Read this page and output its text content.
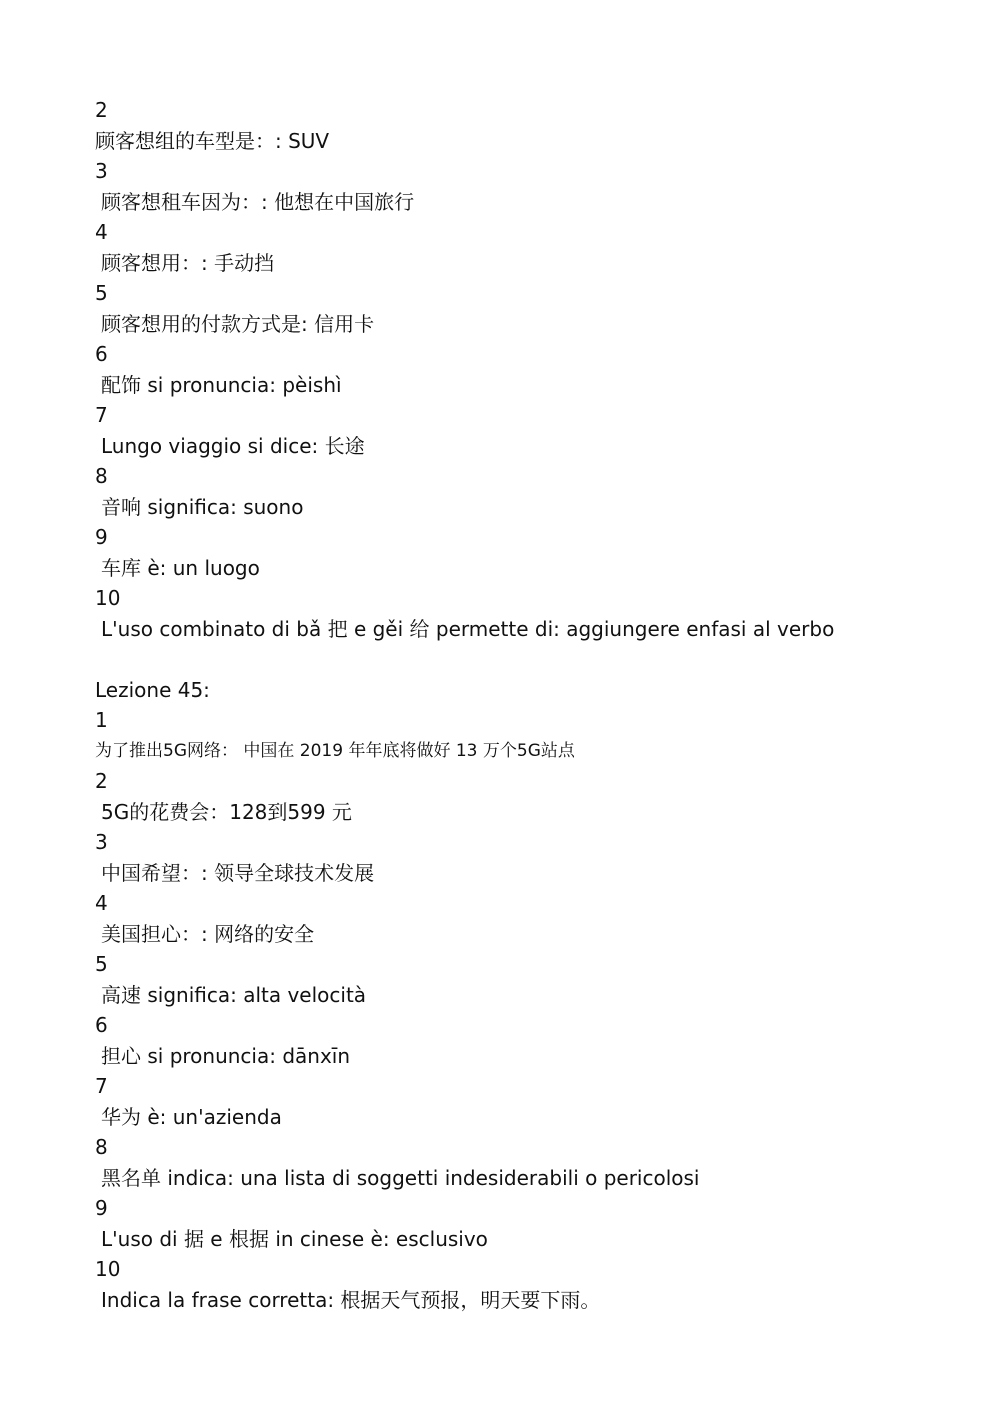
2
顾客想组的车型是：: SUV
3
顾客想租车因为：: 他想在中国旅行
4
顾客想用：: 手动挡
5
顾客想用的付款方式是: 信用卡
6
配饰 si pronuncia: pèishì
7
Lungo viaggio si dice: 长途
8
音响 significa: suono
9
车库 è: un luogo
10
L'uso combinato di bǎ 把 e gěi 给 permette di: aggiungere enfasi al verbo
Lezione 45:
1
为了推出5G网络： 中国在 2019 年年底将做好 13 万个5G站点
2
5G的花费会：128到599 元
3
中国希望：: 领导全球技术发展
4
美国担心：: 网络的安全
5
高速 significa: alta velocità
6
担心 si pronuncia: dānxīn
7
华为 è: un'azienda
8
黑名单 indica: una lista di soggetti indesiderabili o pericolosi
9
L'uso di 据 e 根据 in cinese è: esclusivo
10
Indica la frase corretta: 根据天气预报，明天要下雨。
